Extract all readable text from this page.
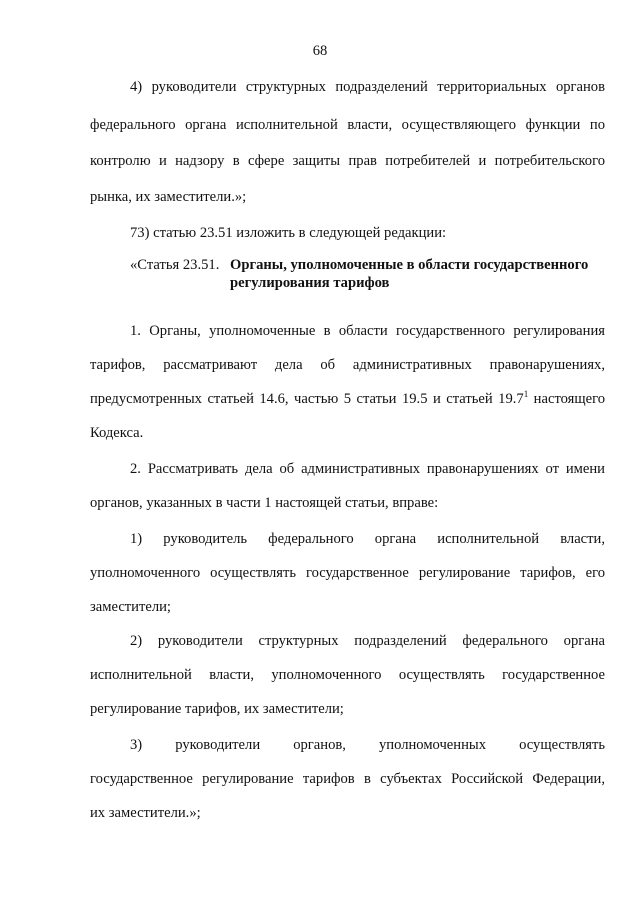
68
4) руководители структурных подразделений территориальных органов
федерального органа исполнительной власти, осуществляющего функции по
контролю и надзору в сфере защиты прав потребителей и потребительского
рынка, их заместители.»;
73) статью 23.51 изложить в следующей редакции:
«Статья 23.51. Органы, уполномоченные в области государственного
регулирования тарифов
1. Органы, уполномоченные в области государственного регулирования
тарифов, рассматривают дела об административных правонарушениях,
предусмотренных статьей 14.6, частью 5 статьи 19.5 и статьей 19.7$^1$ настоящего
Кодекса.
2. Рассматривать дела об административных правонарушениях от имени
органов, указанных в части 1 настоящей статьи, вправе:
1) руководитель федерального органа исполнительной власти,
уполномоченного осуществлять государственное регулирование тарифов, его
заместители;
2) руководители структурных подразделений федерального органа
исполнительной власти, уполномоченного осуществлять государственное
регулирование тарифов, их заместители;
3) руководители органов, уполномоченных осуществлять
государственное регулирование тарифов в субъектах Российской Федерации,
их заместители.»;
